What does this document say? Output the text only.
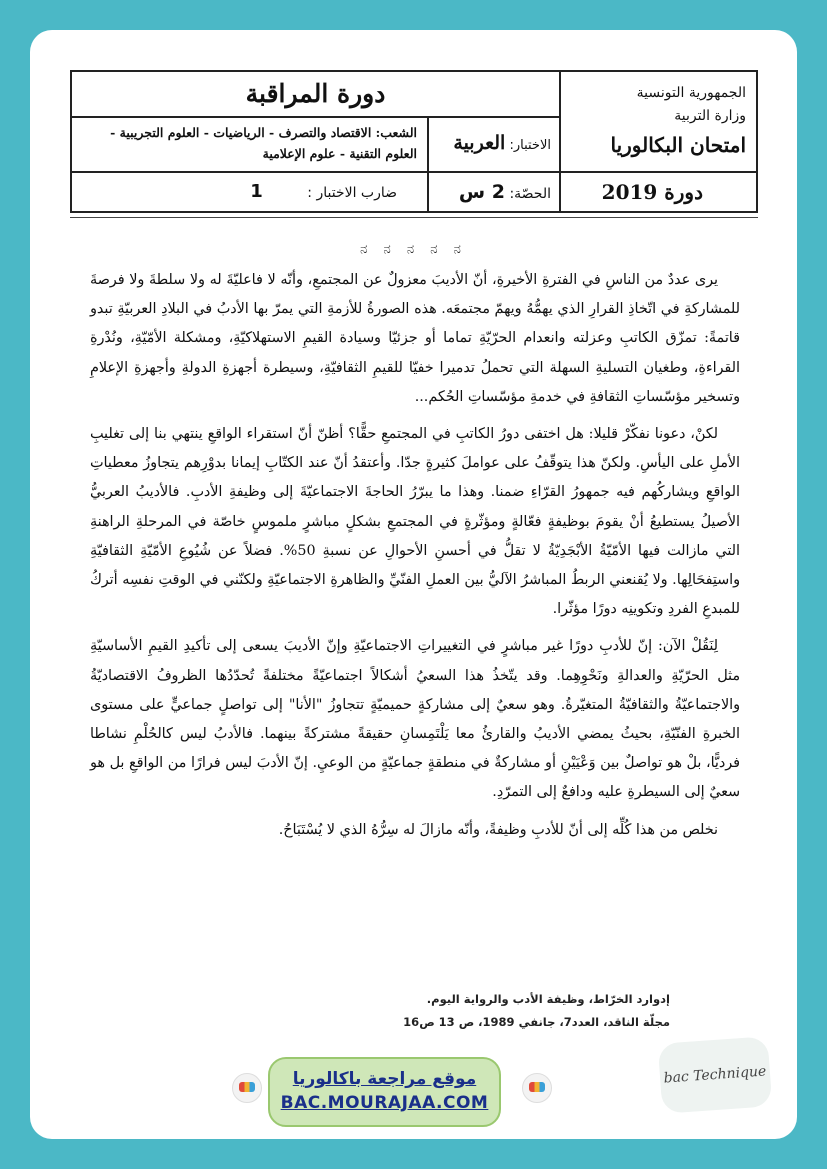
دورة المراقبة
الشعب: الاقتصاد والتصرف - الرياضيات - العلوم التجريبية - العلوم التقنية - علوم الإعلامية
الاختبار: العربية
ضارب الاختبار : 1	الحصّة: 2 س
الجمهورية التونسية
وزارة التربية
امتحان البكالوريا
دورة 2019
ನ ನ ನ ನ ನ

يرى عددٌ من الناسِ في الفترةِ الأخيرةِ، أنّ الأديبَ معزولٌ عن المجتمعِ، وأنّه لا فاعليّةَ له ولا سلطةَ ولا فرصةَ للمشاركةِ في اتّخاذِ القرارِ الذي يهمُّهُ ويهمّ مجتمعَه. هذه الصورةُ للأزمةِ التي يمرّ بها الأدبُ في البلادِ العربيّةِ تبدو قاتمةً: تمزّق الكاتبِ وعزلته وانعدام الحرّيّةِ تماما أو جزئيّا وسيادة القيمِ الاستهلاكيّةِ، ومشكلة الأمّيّةِ، ونُدْرةِ القراءةِ، وطغيان التسليةِ السهلة التي تحملُ تدميرا خفيّا للقيمِ الثقافيّةِ، وسيطرة أجهزةِ الدولةِ وأجهزةِ الإعلامِ وتسخير مؤسّساتِ الثقافةِ في خدمةِ مؤسّساتِ الحُكم...

لكنْ، دعونا نفكّرْ قليلا: هل اختفى دورُ الكاتبِ في المجتمعِ حقًّا؟ أظنّ أنّ استقراء الواقعِ ينتهي بنا إلى تغليبِ الأملِ على اليأسِ. ولكنّ هذا يتوقّفُ على عواملَ كثيرةٍ جدّا. وأعتقدُ أنّ عند الكتّابِ إيمانا بدوْرِهم يتجاوزُ معطياتِ الواقعِ ويشاركُهم فيه جمهورُ القرّاءِ ضمنا. وهذا ما يبرّرُ الحاجةَ الاجتماعيّةَ إلى وظيفةِ الأدبِ. فالأديبُ العربيُّ الأصيلُ يستطيعُ أنْ يقومَ بوظيفةٍ فعّالةٍ ومؤثّرةٍ في المجتمعِ بشكلٍ مباشرٍ ملموسٍ خاصّة في المرحلةِ الراهنةِ التي مازالت فيها الأمّيّةُ الأبْجَدِيّةُ لا تقلُّ في أحسنِ الأحوالِ عن نسبةِ 50%. فضلاً عن شُيُوعِ الأمّيّةِ الثقافيّةِ واستِفحَالِها. ولا يُقنعني الربطُ المباشرُ الآليُّ بين العملِ الفنّيِّ والظاهرةِ الاجتماعيّةِ ولكنّني في الوقتِ نفسِه أتركُ للمبدعِ الفردِ وتكوينِه دورًا مؤثّرا.

لِنَقُلْ الآن: إنّ للأدبِ دورًا غير مباشرٍ في التغييراتِ الاجتماعيّةِ وإنّ الأديبَ يسعى إلى تأكيدِ القيمِ الأساسيّةِ مثل الحرّيّةِ والعدالةِ ونَحْوِهِما. وقد يتّخذُ هذا السعيُ أشكالاً اجتماعيّةً مختلفةً تُحدّدُها الظروفُ الاقتصاديّةُ والاجتماعيّةُ والثقافيّةُ المتغيّرةُ. وهو سعيٌ إلى مشاركةٍ حميميّةٍ تتجاوزُ "الأنا" إلى تواصلٍ جماعيٍّ على مستوى الخبرةِ الفنّيّةِ، بحيثُ يمضي الأديبُ والقارئُ معا يَلْتَمِسانِ حقيقةً مشتركةً بينهما. فالأدبُ ليس كالحُلْمِ نشاطا فرديًّا، بلْ هو تواصلٌ بين وَعْيَيْنِ أو مشاركةٌ في منطقةٍ جماعيّةٍ من الوعيِ. إنّ الأدبَ ليس فرارًا من الواقعِ بل هو سعيٌ إلى السيطرةِ عليه ودافعٌ إلى التمرّدِ.

نخلص من هذا كُلِّه إلى أنّ للأدبِ وظيفةً، وأنّه مازالَ له سِرُّهُ الذي لا يُسْتَبَاحُ.

إدوارد الخرّاط، وظيفة الأدب والرواية اليوم.
مجلّة الناقد، العدد7، جانفي 1989، ص 13 ص16
موقع مراجعة باكالوريا
BAC.MOURAJAA.COM
bac Technique
